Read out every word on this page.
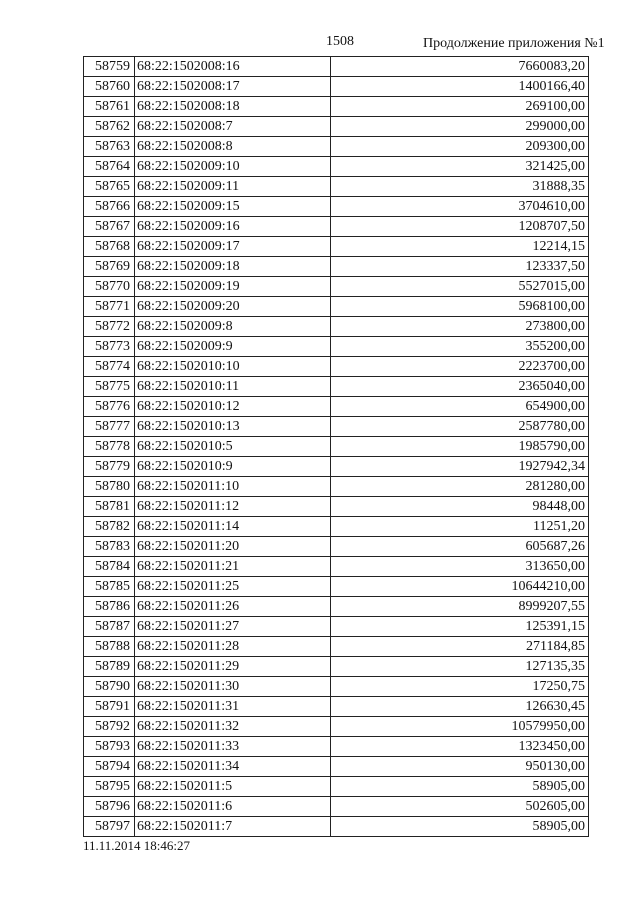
1508	Продолжение приложения №1
58759	68:22:1502008:16	7660083,20
58760	68:22:1502008:17	1400166,40
58761	68:22:1502008:18	269100,00
58762	68:22:1502008:7	299000,00
58763	68:22:1502008:8	209300,00
58764	68:22:1502009:10	321425,00
58765	68:22:1502009:11	31888,35
58766	68:22:1502009:15	3704610,00
58767	68:22:1502009:16	1208707,50
58768	68:22:1502009:17	12214,15
58769	68:22:1502009:18	123337,50
58770	68:22:1502009:19	5527015,00
58771	68:22:1502009:20	5968100,00
58772	68:22:1502009:8	273800,00
58773	68:22:1502009:9	355200,00
58774	68:22:1502010:10	2223700,00
58775	68:22:1502010:11	2365040,00
58776	68:22:1502010:12	654900,00
58777	68:22:1502010:13	2587780,00
58778	68:22:1502010:5	1985790,00
58779	68:22:1502010:9	1927942,34
58780	68:22:1502011:10	281280,00
58781	68:22:1502011:12	98448,00
58782	68:22:1502011:14	11251,20
58783	68:22:1502011:20	605687,26
58784	68:22:1502011:21	313650,00
58785	68:22:1502011:25	10644210,00
58786	68:22:1502011:26	8999207,55
58787	68:22:1502011:27	125391,15
58788	68:22:1502011:28	271184,85
58789	68:22:1502011:29	127135,35
58790	68:22:1502011:30	17250,75
58791	68:22:1502011:31	126630,45
58792	68:22:1502011:32	10579950,00
58793	68:22:1502011:33	1323450,00
58794	68:22:1502011:34	950130,00
58795	68:22:1502011:5	58905,00
58796	68:22:1502011:6	502605,00
58797	68:22:1502011:7	58905,00
11.11.2014 18:46:27
